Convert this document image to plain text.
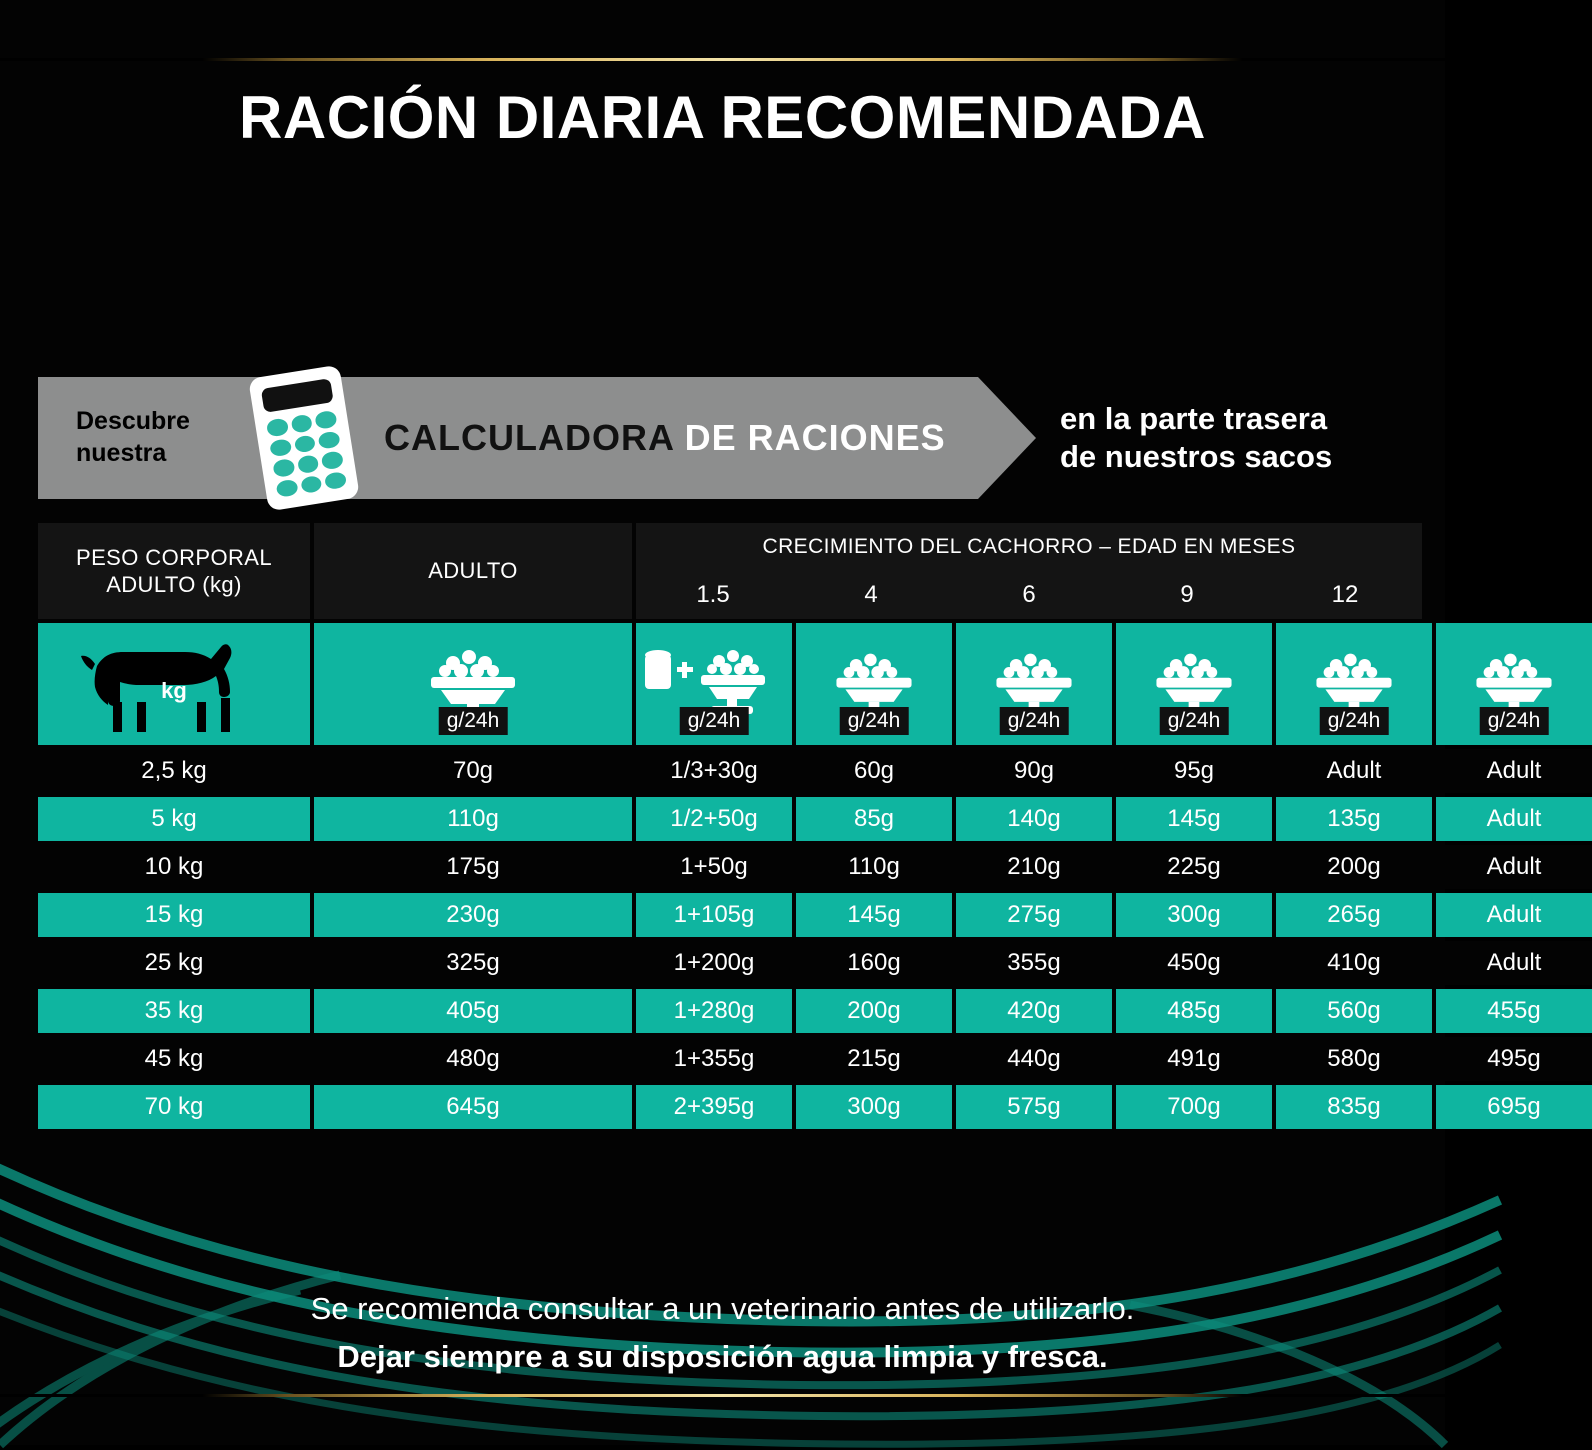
RACIÓN DIARIA RECOMENDADA
Descubre
nuestra	CALCULADORA DE RACIONES	en la parte trasera
de nuestros sacos
PESO CORPORAL
ADULTO (kg)
ADULTO
CRECIMIENTO DEL CACHORRO – EDAD EN MESES
1.5	4	6	9	12
kg
g/24h	g/24h	g/24h	g/24h	g/24h	g/24h	g/24h
2,5 kg	70g	1/3+30g	60g	90g	95g	Adult	Adult
5 kg	110g	1/2+50g	85g	140g	145g	135g	Adult
10 kg	175g	1+50g	110g	210g	225g	200g	Adult
15 kg	230g	1+105g	145g	275g	300g	265g	Adult
25 kg	325g	1+200g	160g	355g	450g	410g	Adult
35 kg	405g	1+280g	200g	420g	485g	560g	455g
45 kg	480g	1+355g	215g	440g	491g	580g	495g
70 kg	645g	2+395g	300g	575g	700g	835g	695g
Se recomienda consultar a un veterinario antes de utilizarlo.
Dejar siempre a su disposición agua limpia y fresca.
